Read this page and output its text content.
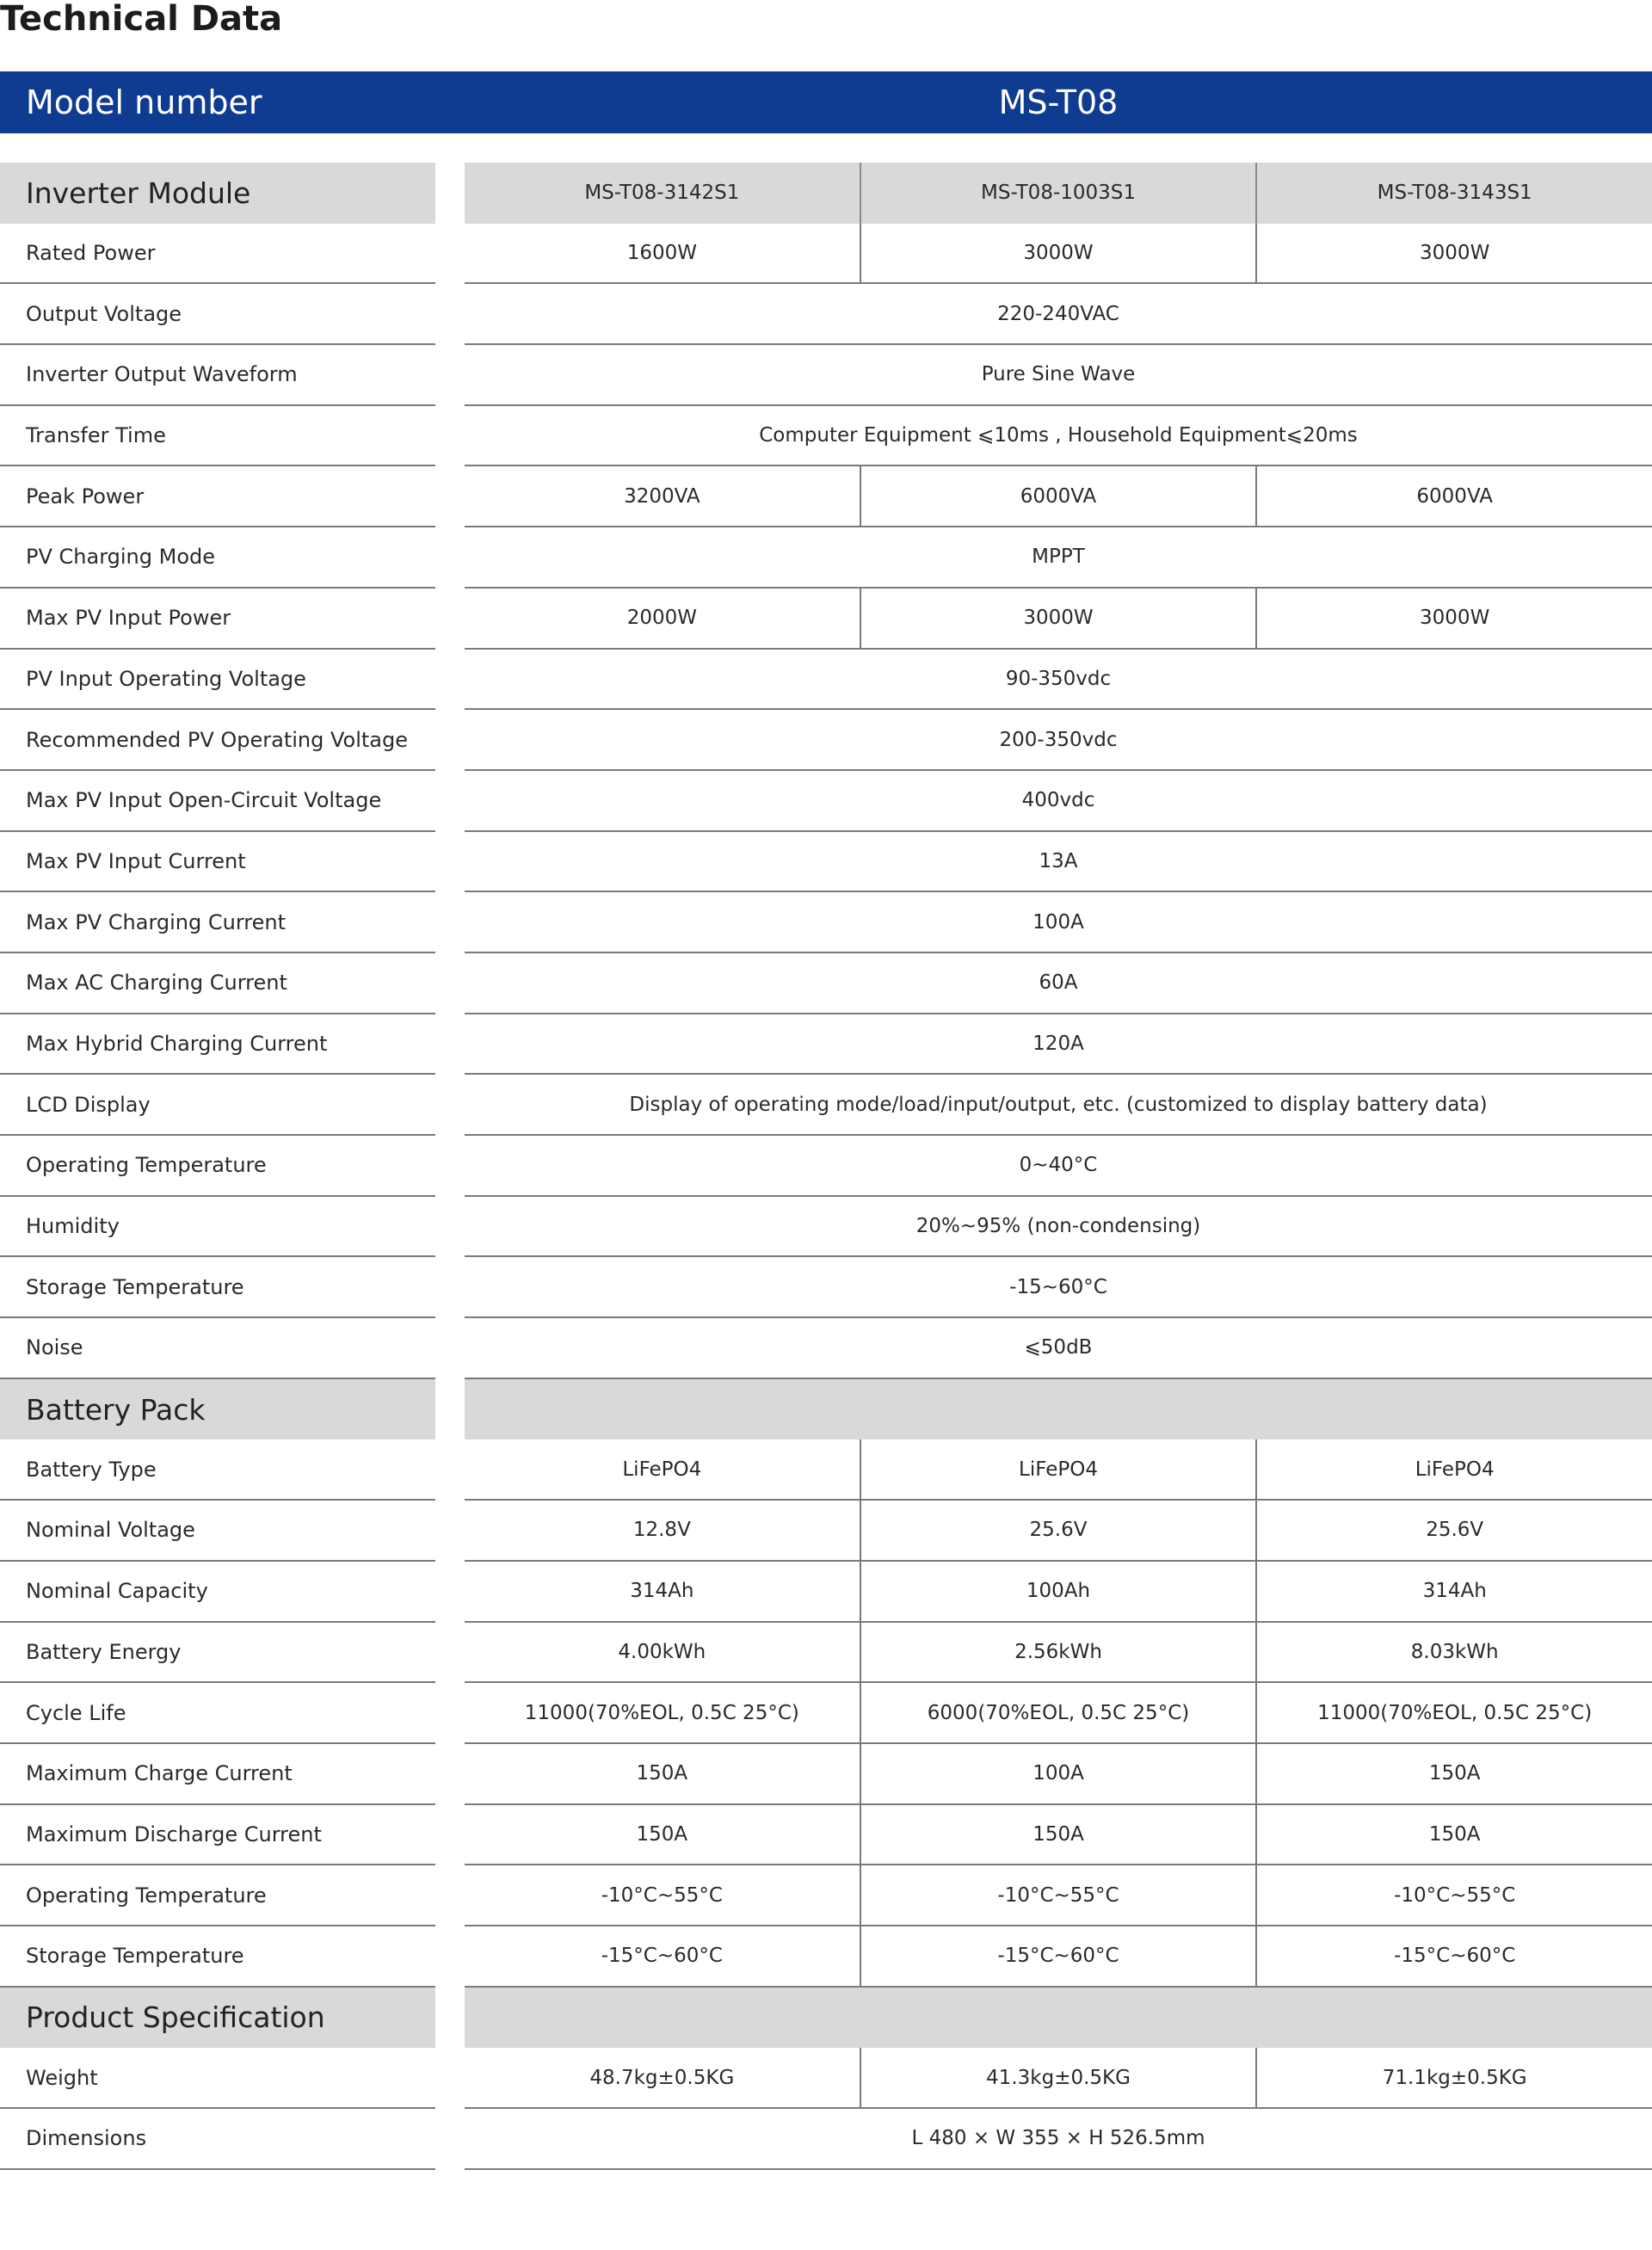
Technical Data
Model number	MS-T08
Inverter Module	MS-T08-3142S1	MS-T08-1003S1	MS-T08-3143S1
Rated Power	1600W	3000W	3000W
Output Voltage	220-240VAC
Inverter Output Waveform	Pure Sine Wave
Transfer Time	Computer Equipment ⩽10ms , Household Equipment⩽20ms
Peak Power	3200VA	6000VA	6000VA
PV Charging Mode	MPPT
Max PV Input Power	2000W	3000W	3000W
PV Input Operating Voltage	90-350vdc
Recommended PV Operating Voltage	200-350vdc
Max PV Input Open-Circuit Voltage	400vdc
Max PV Input Current	13A
Max PV Charging Current	100A
Max AC Charging Current	60A
Max Hybrid Charging Current	120A
LCD Display	Display of operating mode/load/input/output, etc. (customized to display battery data)
Operating Temperature	0~40°C
Humidity	20%~95% (non-condensing)
Storage Temperature	-15~60°C
Noise	⩽50dB
Battery Pack
Battery Type	LiFePO4	LiFePO4	LiFePO4
Nominal Voltage	12.8V	25.6V	25.6V
Nominal Capacity	314Ah	100Ah	314Ah
Battery Energy	4.00kWh	2.56kWh	8.03kWh
Cycle Life	11000(70%EOL, 0.5C 25°C)	6000(70%EOL, 0.5C 25°C)	11000(70%EOL, 0.5C 25°C)
Maximum Charge Current	150A	100A	150A
Maximum Discharge Current	150A	150A	150A
Operating Temperature	-10°C~55°C	-10°C~55°C	-10°C~55°C
Storage Temperature	-15°C~60°C	-15°C~60°C	-15°C~60°C
Product Specification
Weight	48.7kg±0.5KG	41.3kg±0.5KG	71.1kg±0.5KG
Dimensions	L 480 × W 355 × H 526.5mm
